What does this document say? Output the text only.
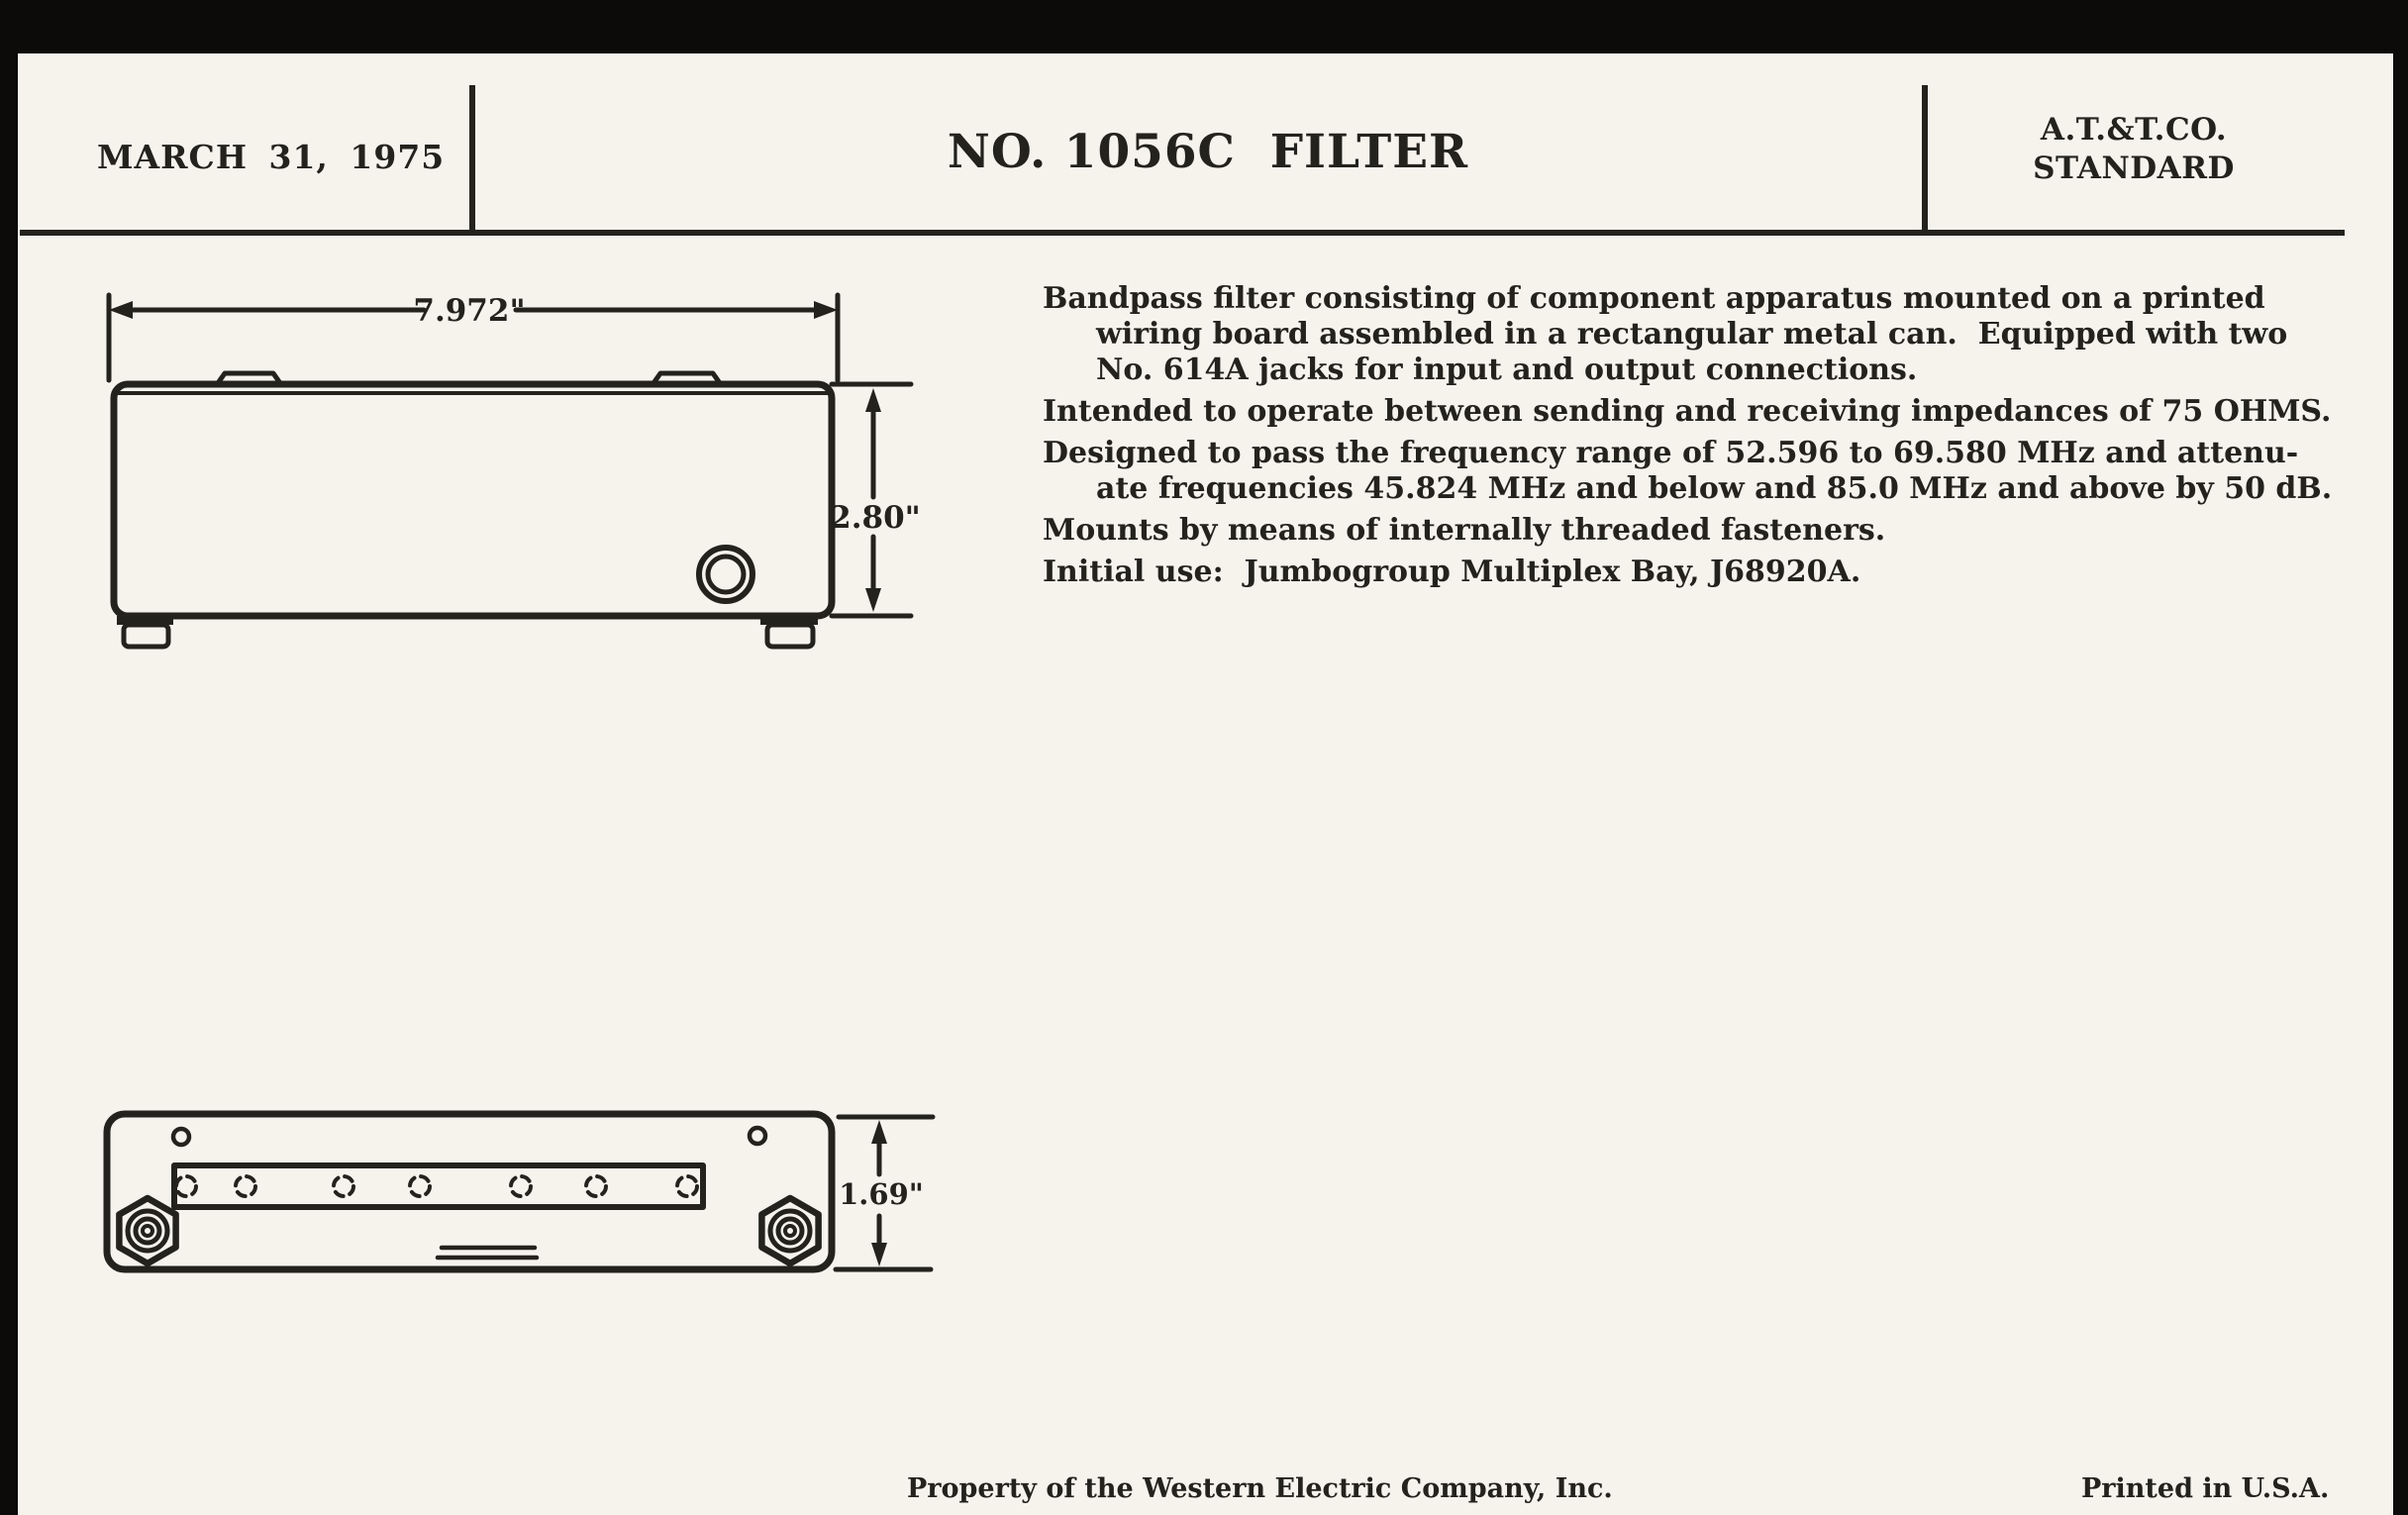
MARCH 31, 1975	NO. 1056C  FILTER	A.T.&T.CO.
STANDARD

Bandpass filter consisting of component apparatus mounted on a printed
wiring board assembled in a rectangular metal can.  Equipped with two
No. 614A jacks for input and output connections.

Intended to operate between sending and receiving impedances of 75 OHMS.

Designed to pass the frequency range of 52.596 to 69.580 MHz and attenu-
ate frequencies 45.824 MHz and below and 85.0 MHz and above by 50 dB.

Mounts by means of internally threaded fasteners.

Initial use:  Jumbogroup Multiplex Bay, J68920A.

7.972"
2.80"
1.69"
Property of the Western Electric Company, Inc.	Printed in U.S.A.
